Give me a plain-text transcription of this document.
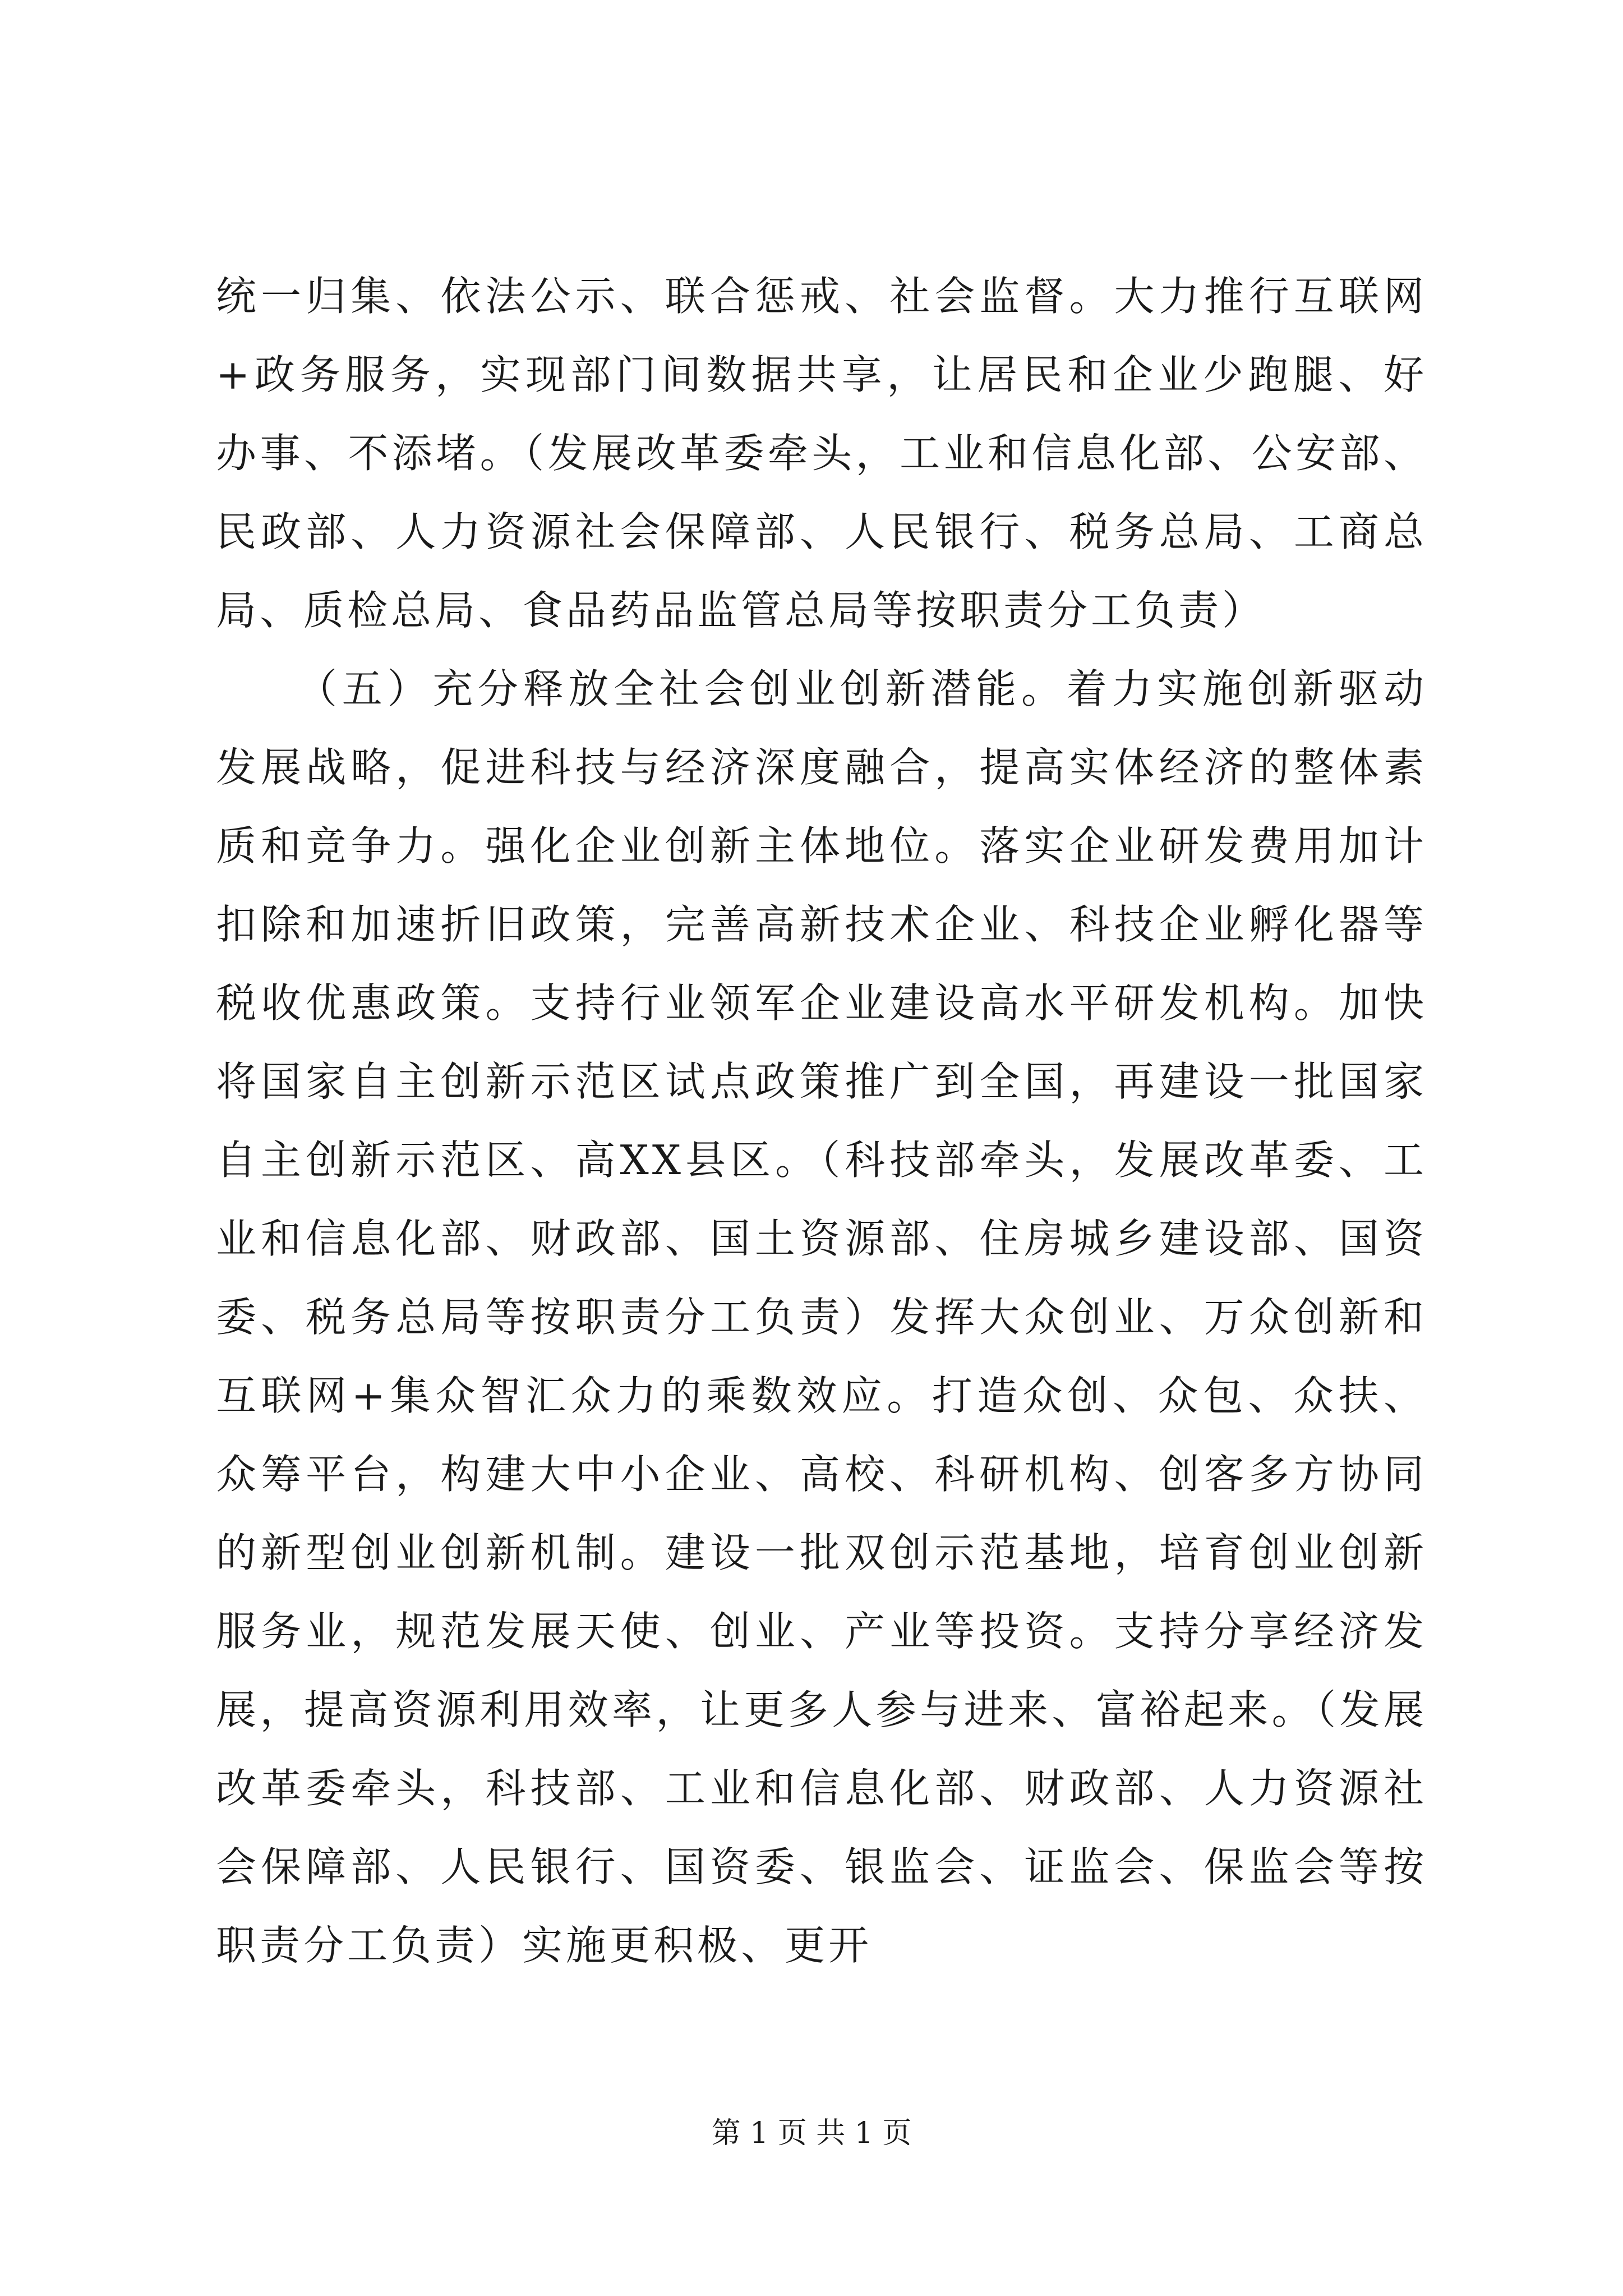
统一归集、依法公示、联合惩戒、社会监督。大力推行互联网+政务服务，实现部门间数据共享，让居民和企业少跑腿、好办事、不添堵。（发展改革委牵头，工业和信息化部、公安部、民政部、人力资源社会保障部、人民银行、税务总局、工商总局、质检总局、食品药品监管总局等按职责分工负责）

（五）充分释放全社会创业创新潜能。着力实施创新驱动发展战略，促进科技与经济深度融合，提高实体经济的整体素质和竞争力。强化企业创新主体地位。落实企业研发费用加计扣除和加速折旧政策，完善高新技术企业、科技企业孵化器等税收优惠政策。支持行业领军企业建设高水平研发机构。加快将国家自主创新示范区试点政策推广到全国，再建设一批国家自主创新示范区、高XX县区。（科技部牵头，发展改革委、工业和信息化部、财政部、国土资源部、住房城乡建设部、国资委、税务总局等按职责分工负责）发挥大众创业、万众创新和互联网+集众智汇众力的乘数效应。打造众创、众包、众扶、众筹平台，构建大中小企业、高校、科研机构、创客多方协同的新型创业创新机制。建设一批双创示范基地，培育创业创新服务业，规范发展天使、创业、产业等投资。支持分享经济发展，提高资源利用效率，让更多人参与进来、富裕起来。（发展改革委牵头，科技部、工业和信息化部、财政部、人力资源社会保障部、人民银行、国资委、银监会、证监会、保监会等按职责分工负责）实施更积极、更开

第 1 页 共 1 页
